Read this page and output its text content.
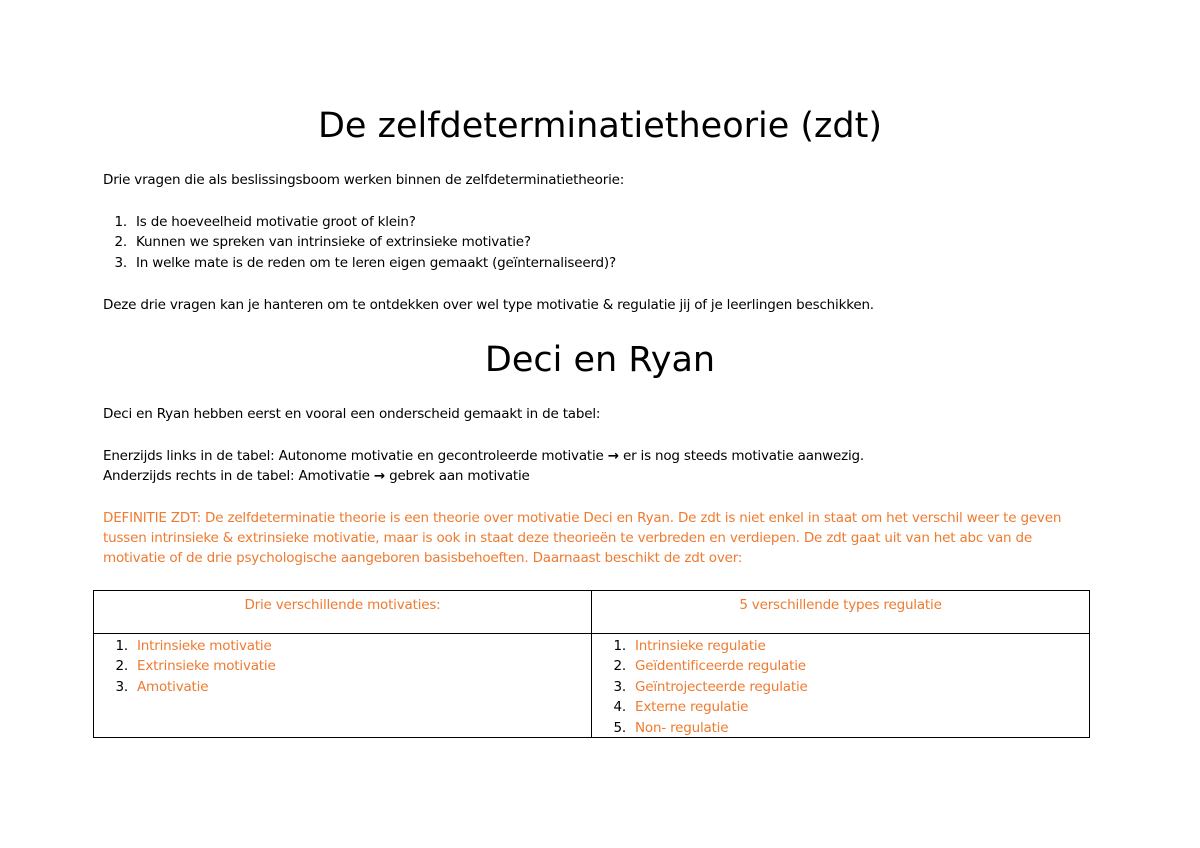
De zelfdeterminatietheorie (zdt)

Drie vragen die als beslissingsboom werken binnen de zelfdeterminatietheorie:

1. Is de hoeveelheid motivatie groot of klein?

2. Kunnen we spreken van intrinsieke of extrinsieke motivatie?

3. In welke mate is de reden om te leren eigen gemaakt (geïnternaliseerd)?

Deze drie vragen kan je hanteren om te ontdekken over wel type motivatie & regulatie jij of je leerlingen beschikken.

Deci en Ryan

Deci en Ryan hebben eerst en vooral een onderscheid gemaakt in de tabel:

Enerzijds links in de tabel: Autonome motivatie en gecontroleerde motivatie → er is nog steeds motivatie aanwezig.

Anderzijds rechts in de tabel: Amotivatie → gebrek aan motivatie

DEFINITIE ZDT: De zelfdeterminatie theorie is een theorie over motivatie Deci en Ryan. De zdt is niet enkel in staat om het verschil weer te geven
tussen intrinsieke & extrinsieke motivatie, maar is ook in staat deze theorieën te verbreden en verdiepen. De zdt gaat uit van het abc van de
motivatie of de drie psychologische aangeboren basisbehoeften. Daarnaast beschikt de zdt over:
Drie verschillende motivaties:	5 verschillende types regulatie

1. Intrinsieke motivatie

2. Extrinsieke motivatie

3. Amotivatie

1. Intrinsieke regulatie

2. Geïdentificeerde regulatie

3. Geïntrojecteerde regulatie

4. Externe regulatie

5. Non- regulatie
